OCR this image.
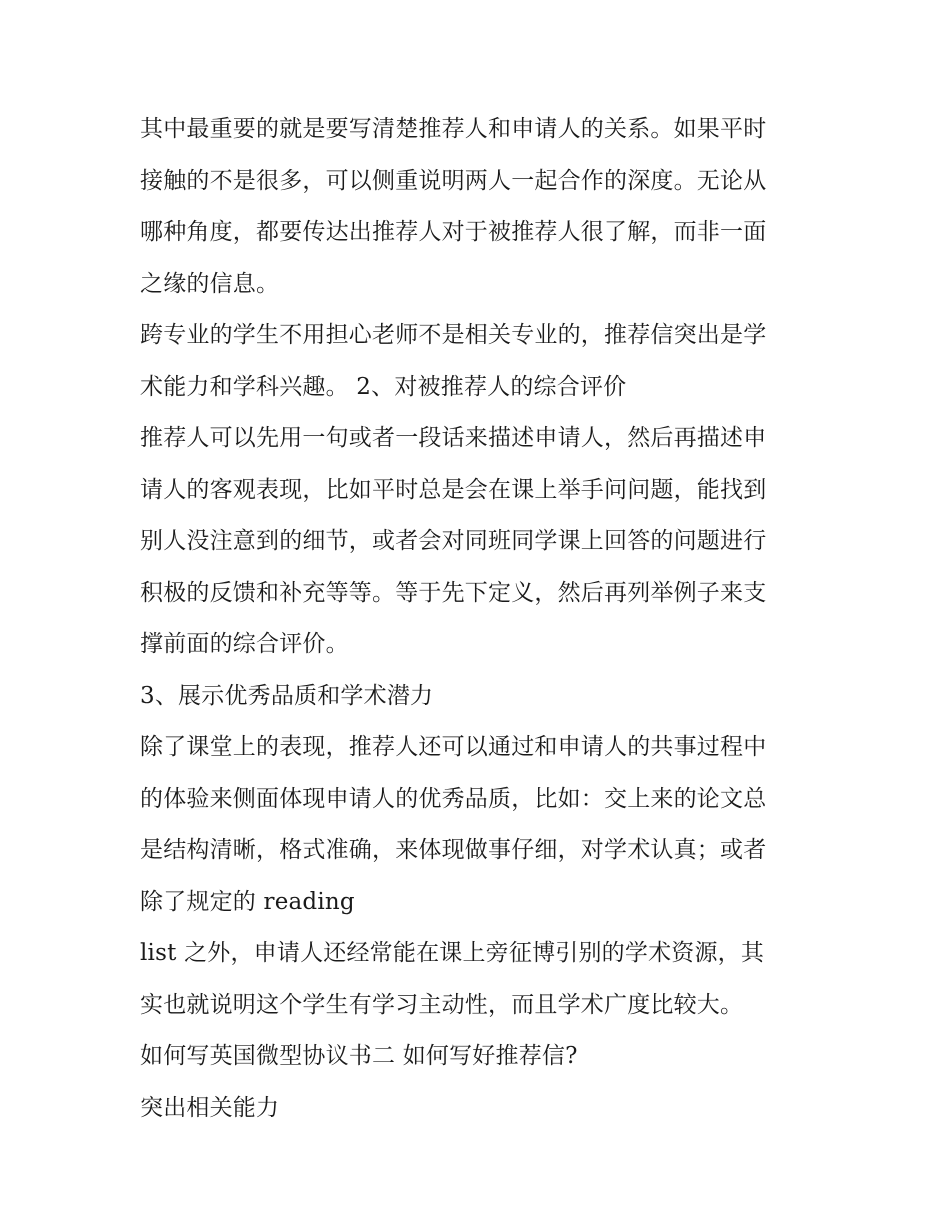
其中最重要的就是要写清楚推荐人和申请人的关系。如果平时
接触的不是很多，可以侧重说明两人一起合作的深度。无论从
哪种角度，都要传达出推荐人对于被推荐人很了解，而非一面
之缘的信息。
跨专业的学生不用担心老师不是相关专业的，推荐信突出是学
术能力和学科兴趣。 2、对被推荐人的综合评价
推荐人可以先用一句或者一段话来描述申请人，然后再描述申
请人的客观表现，比如平时总是会在课上举手问问题，能找到
别人没注意到的细节，或者会对同班同学课上回答的问题进行
积极的反馈和补充等等。等于先下定义，然后再列举例子来支
撑前面的综合评价。
3、展示优秀品质和学术潜力
除了课堂上的表现，推荐人还可以通过和申请人的共事过程中
的体验来侧面体现申请人的优秀品质，比如：交上来的论文总
是结构清晰，格式准确，来体现做事仔细，对学术认真；或者
除了规定的 reading
list 之外，申请人还经常能在课上旁征博引别的学术资源，其
实也就说明这个学生有学习主动性，而且学术广度比较大。
如何写英国微型协议书二 如何写好推荐信?
突出相关能力
